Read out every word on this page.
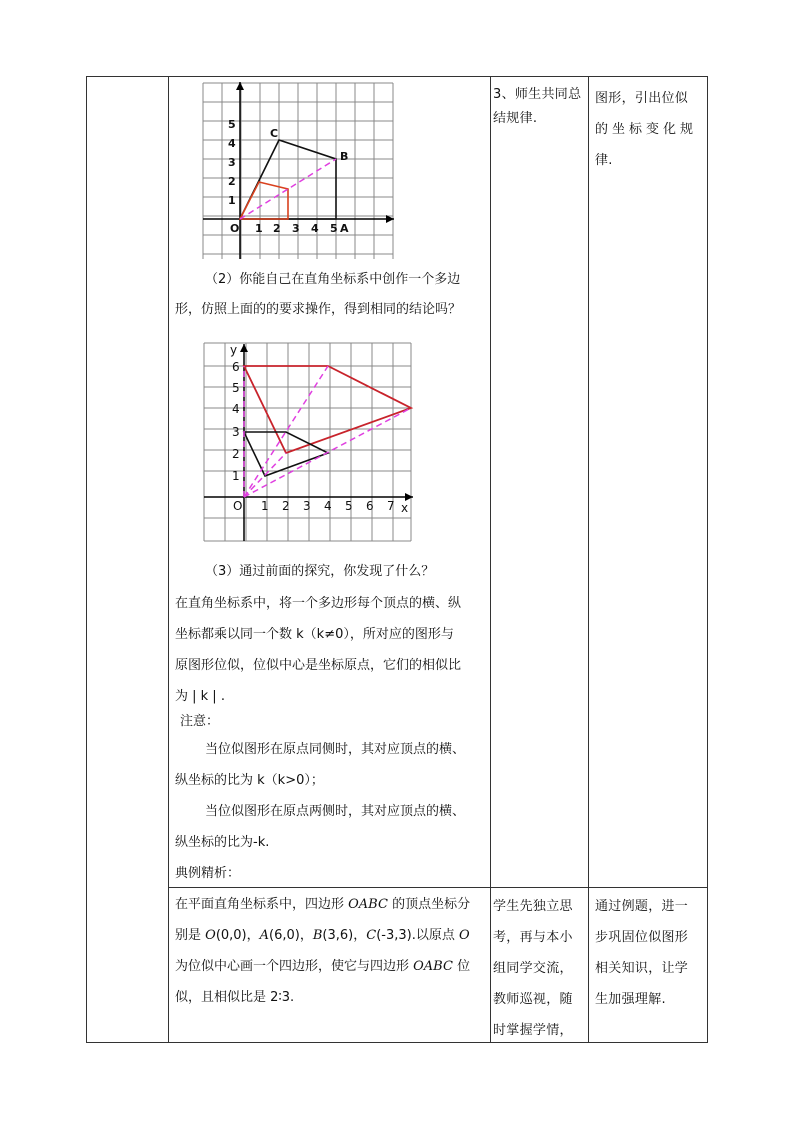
3、师生共同总
结规律.
图形，引出位似
的坐标变化规
律.
学生先独立思
考，再与本小
组同学交流，
教师巡视，随
时掌握学情，
通过例题，进一
步巩固位似图形
相关知识，让学
生加强理解.
5
4
3
2
1
1 2 3 4 5
O	A
B
C
（2）你能自己在直角坐标系中创作一个多边
形，仿照上面的的要求操作，得到相同的结论吗？
y
6
5
4
3
2
1
O 1 2 3 4 5 6 7 x
（3）通过前面的探究，你发现了什么？
在直角坐标系中，将一个多边形每个顶点的横、纵
坐标都乘以同一个数 k（k≠0），所对应的图形与
原图形位似，位似中心是坐标原点，它们的相似比
为 | k | .
注意：
当位似图形在原点同侧时，其对应顶点的横、
纵坐标的比为 k（k>0）；
当位似图形在原点两侧时，其对应顶点的横、
纵坐标的比为-k.
典例精析：
在平面直角坐标系中，四边形 OABC 的顶点坐标分
别是 O(0,0)，A(6,0)，B(3,6)，C(-3,3).以原点 O
为位似中心画一个四边形，使它与四边形 OABC 位
似，且相似比是 2∶3.
